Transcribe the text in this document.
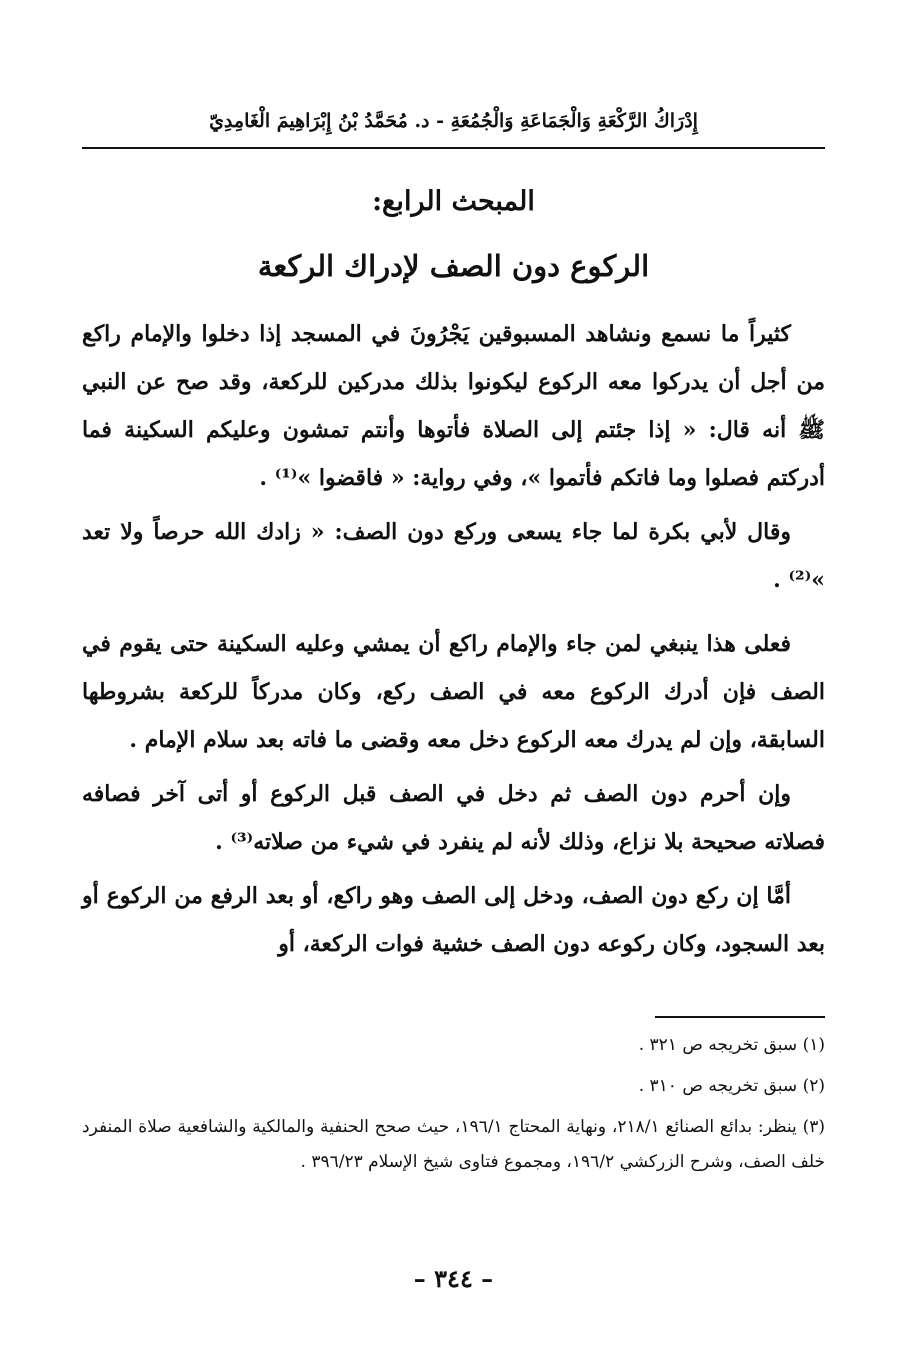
إِدْرَاكُ الرَّكْعَةِ وَالْجَمَاعَةِ وَالْجُمُعَةِ - د. مُحَمَّدُ بْنُ إِبْرَاهِيمَ الْغَامِدِيّ
المبحث الرابع:
الركوع دون الصف لإدراك الركعة

كثيراً ما نسمع ونشاهد المسبوقين يَجْرُونَ في المسجد إذا دخلوا والإمام راكع من أجل أن يدركوا معه الركوع ليكونوا بذلك مدركين للركعة، وقد صح عن النبي ﷺ أنه قال: « إذا جئتم إلى الصلاة فأتوها وأنتم تمشون وعليكم السكينة فما أدركتم فصلوا وما فاتكم فأتموا »، وفي رواية: « فاقضوا »⁽¹⁾ .

وقال لأبي بكرة لما جاء يسعى وركع دون الصف: « زادك الله حرصاً ولا تعد »⁽²⁾ .

فعلى هذا ينبغي لمن جاء والإمام راكع أن يمشي وعليه السكينة حتى يقوم في الصف فإن أدرك الركوع معه في الصف ركع، وكان مدركاً للركعة بشروطها السابقة، وإن لم يدرك معه الركوع دخل معه وقضى ما فاته بعد سلام الإمام .

وإن أحرم دون الصف ثم دخل في الصف قبل الركوع أو أتى آخر فصافه فصلاته صحيحة بلا نزاع، وذلك لأنه لم ينفرد في شيء من صلاته⁽³⁾ .

أمَّا إن ركع دون الصف، ودخل إلى الصف وهو راكع، أو بعد الرفع من الركوع أو بعد السجود، وكان ركوعه دون الصف خشية فوات الركعة، أو

(١) سبق تخريجه ص ٣٢١ .

(٢) سبق تخريجه ص ٣١٠ .

(٣) ينظر: بدائع الصنائع ٢١٨/١، ونهاية المحتاج ١٩٦/١، حيث صحح الحنفية والمالكية والشافعية صلاة المنفرد خلف الصف، وشرح الزركشي ١٩٦/٢، ومجموع فتاوى شيخ الإسلام ٣٩٦/٢٣ .

– ٣٤٤ –
